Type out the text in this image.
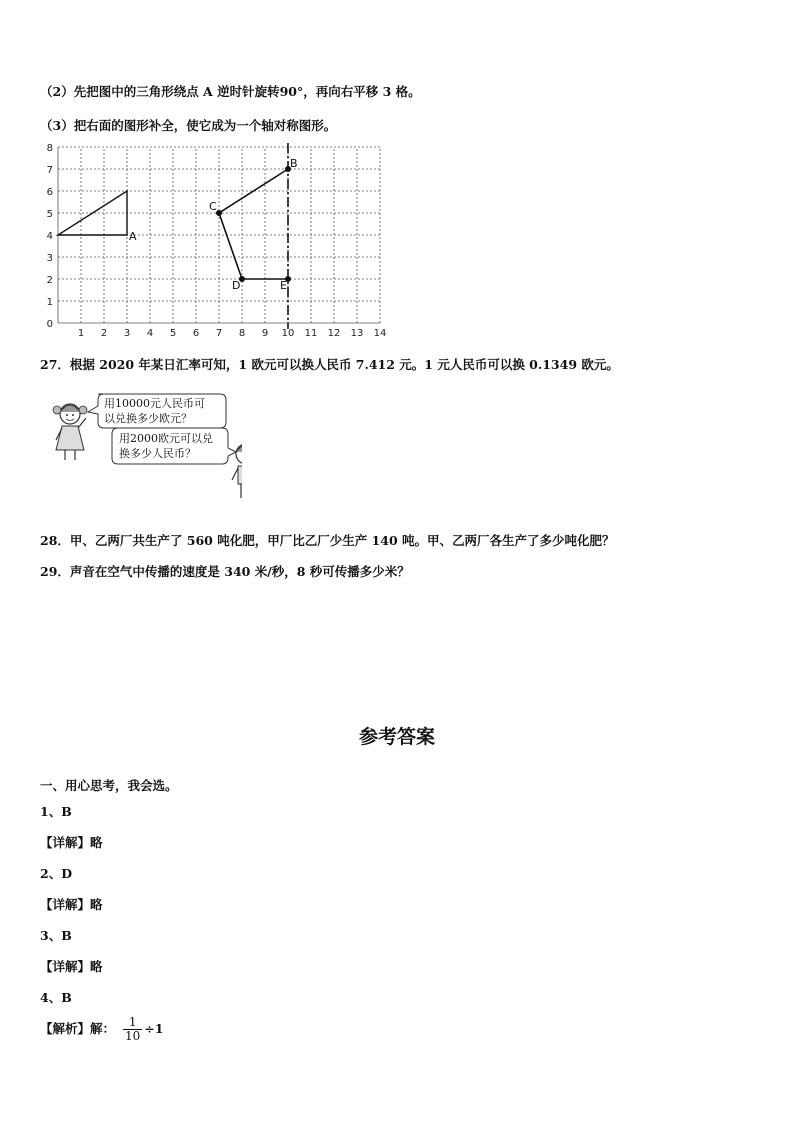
（2）先把图中的三角形绕点 A 逆时针旋转90°，再向右平移 3 格。
（3）把右面的图形补全，使它成为一个轴对称图形。
1 2 3 4 5 6 7 8 9 10 11 12 13 14
0
1
2
3
4
5
6
7
8
A
B
C
D	E
27．根据 2020 年某日汇率可知，1 欧元可以换人民币 7.412 元。1 元人民币可以换 0.1349 欧元。
用10000元人民币可
以兑换多少欧元？
用2000欧元可以兑
换多少人民币？
28．甲、乙两厂共生产了 560 吨化肥，甲厂比乙厂少生产 140 吨。甲、乙两厂各生产了多少吨化肥？
29．声音在空气中传播的速度是 340 米/秒，8 秒可传播多少米？
参考答案
一、用心思考，我会选。
1、B
【详解】略
2、D
【详解】略
3、B
【详解】略
4、B
【解析】解： $\frac{1}{10} \div 1$
